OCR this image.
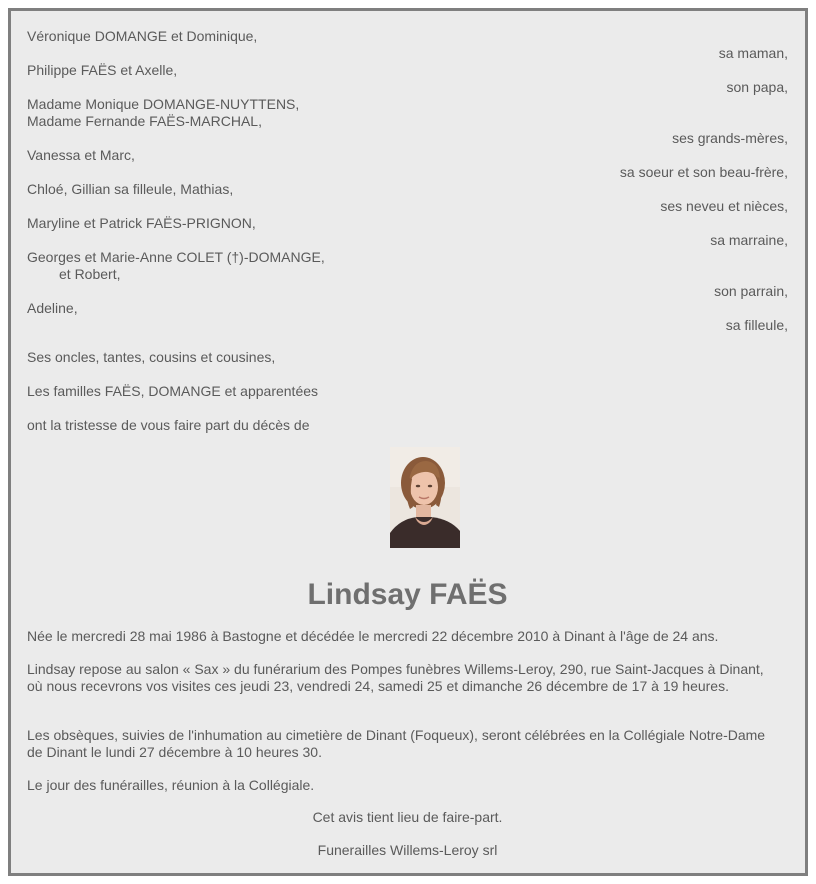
Véronique DOMANGE et Dominique,
sa maman,
Philippe FAËS et Axelle,
son papa,
Madame Monique DOMANGE-NUYTTENS,
Madame Fernande FAËS-MARCHAL,
ses grands-mères,
Vanessa et Marc,
sa soeur et son beau-frère,
Chloé, Gillian sa filleule, Mathias,
ses neveu et nièces,
Maryline et Patrick FAËS-PRIGNON,
sa marraine,
Georges et Marie-Anne COLET (†)-DOMANGE,
et Robert,
son parrain,
Adeline,
sa filleule,
Ses oncles, tantes, cousins et cousines,
Les familles FAËS, DOMANGE et apparentées
ont la tristesse de vous faire part du décès de
Lindsay FAËS
Née le mercredi 28 mai 1986 à Bastogne et décédée le mercredi 22 décembre 2010 à Dinant à l'âge de 24 ans.
Lindsay repose au salon « Sax » du funérarium des Pompes funèbres Willems-Leroy, 290, rue Saint-Jacques à Dinant, où nous recevrons vos visites ces jeudi 23, vendredi 24, samedi 25 et dimanche 26 décembre de 17 à 19 heures.
Les obsèques, suivies de l'inhumation au cimetière de Dinant (Foqueux), seront célébrées en la Collégiale Notre-Dame de Dinant le lundi 27 décembre à 10 heures 30.
Le jour des funérailles, réunion à la Collégiale.
Cet avis tient lieu de faire-part.
Funerailles Willems-Leroy srl
